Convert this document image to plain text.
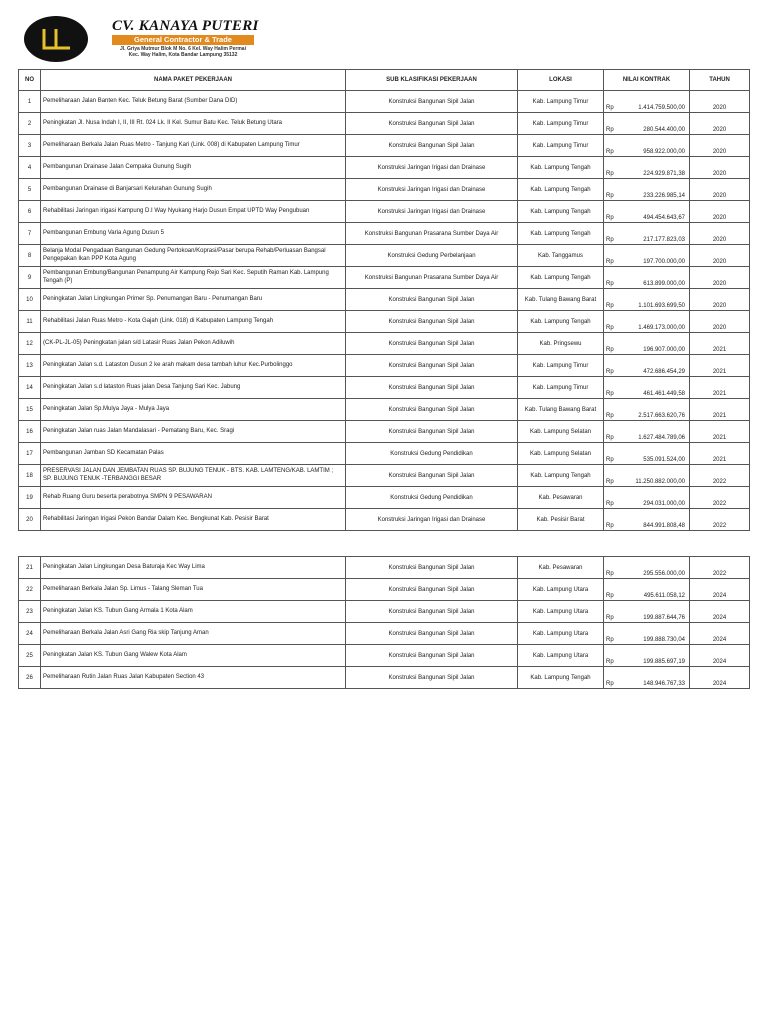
CV. KANAYA PUTERI
General Contractor & Trade
Jl. Griya Mutmur Blok M No. 6 Kel. Way Halim Permai
Kec. Way Halim, Kota Bandar Lampung 35132
NO	NAMA PAKET PEKERJAAN	SUB KLASIFIKASI PEKERJAAN	LOKASI	NILAI KONTRAK	TAHUN
1	Pemeliharaan Jalan Banten Kec. Teluk Betung Barat (Sumber Dana DID)	Konstruksi Bangunan Sipil Jalan	Kab. Lampung Timur	Rp 1.414.759.500,00	2020
2	Peningkatan Jl. Nusa Indah I, II, III Rt. 024 Lk. II Kel. Sumur Batu Kec. Teluk Betung Utara	Konstruksi Bangunan Sipil Jalan	Kab. Lampung Timur	Rp 280.544.400,00	2020
3	Pemeliharaan Berkala Jalan Ruas Metro - Tanjung Kari (Link. 008) di Kabupaten Lampung Timur	Konstruksi Bangunan Sipil Jalan	Kab. Lampung Timur	Rp 958.922.000,00	2020
4	Pembangunan Drainase Jalan Cempaka Gunung Sugih	Konstruksi Jaringan Irigasi dan Drainase	Kab. Lampung Tengah	Rp 224.929.871,38	2020
5	Pembangunan Drainase di Banjarsari Kelurahan Gunung Sugih	Konstruksi Jaringan Irigasi dan Drainase	Kab. Lampung Tengah	Rp 233.226.985,14	2020
6	Rehabilitasi Jaringan irigasi Kampung D.I Way Nyukang Harjo Dusun Empat UPTD Way Pengubuan	Konstruksi Jaringan Irigasi dan Drainase	Kab. Lampung Tengah	Rp 494.454.643,67	2020
7	Pembangunan Embung Varia Agung Dusun 5	Konstruksi Bangunan Prasarana Sumber Daya Air	Kab. Lampung Tengah	Rp 217.177.823,03	2020
8	Belanja Modal Pengadaan Bangunan Gedung Pertokoan/Koprasi/Pasar berupa Rehab/Perluasan Bangsal Pengepakan Ikan PPP Kota Agung	Konstruksi Gedung Perbelanjaan	Kab. Tanggamus	Rp 197.700.000,00	2020
9	Pembangunan Embung/Bangunan Penampung Air Kampung Rejo Sari Kec. Seputih Raman Kab. Lampung Tengah (P)	Konstruksi Bangunan Prasarana Sumber Daya Air	Kab. Lampung Tengah	Rp 613.899.000,00	2020
10	Peningkatan Jalan Lingkungan Primer Sp. Penumangan Baru - Penumangan Baru	Konstruksi Bangunan Sipil Jalan	Kab. Tulang Bawang Barat	Rp 1.101.693.699,50	2020
11	Rehabilitasi Jalan Ruas Metro - Kota Gajah (Link. 018) di Kabupaten Lampung Tengah	Konstruksi Bangunan Sipil Jalan	Kab. Lampung Tengah	Rp 1.469.173.000,00	2020
12	(CK-PL-JL-05) Peningkatan jalan s/d Latasir Ruas Jalan Pekon Adiluwih	Konstruksi Bangunan Sipil Jalan	Kab. Pringsewu	Rp 196.907.000,00	2021
13	Peningkatan Jalan s.d. Lataston Dusun 2 ke arah makam desa tambah luhur Kec.Purbolinggo	Konstruksi Bangunan Sipil Jalan	Kab. Lampung Timur	Rp 472.686.454,29	2021
14	Peningkatan Jalan s.d lataston Ruas jalan Desa Tanjung Sari Kec. Jabung	Konstruksi Bangunan Sipil Jalan	Kab. Lampung Timur	Rp 461.461.449,58	2021
15	Peningkatan Jalan Sp.Mulya Jaya - Mulya Jaya	Konstruksi Bangunan Sipil Jalan	Kab. Tulang Bawang Barat	Rp 2.517.663.620,76	2021
16	Peningkatan Jalan ruas Jalan Mandalasari - Pematang Baru, Kec. Sragi	Konstruksi Bangunan Sipil Jalan	Kab. Lampung Selatan	Rp 1.627.484.789,06	2021
17	Pembangunan Jamban SD Kecamatan Palas	Konstruksi Gedung Pendidikan	Kab. Lampung Selatan	Rp 535.091.524,00	2021
18	PRESERVASI JALAN DAN JEMBATAN RUAS SP. BUJUNG TENUK - BTS. KAB. LAMTENG/KAB. LAMTIM ; SP. BUJUNG TENUK -TERBANGGI BESAR	Konstruksi Bangunan Sipil Jalan	Kab. Lampung Tengah	Rp 11.250.882.000,00	2022
19	Rehab Ruang Guru beserta perabotnya SMPN 9 PESAWARAN	Konstruksi Gedung Pendidikan	Kab. Pesawaran	Rp 294.031.000,00	2022
20	Rehabilitasi Jaringan Irigasi Pekon Bandar Dalam Kec. Bengkunat Kab. Pesisir Barat	Konstruksi Jaringan Irigasi dan Drainase	Kab. Pesisir Barat	Rp 844.991.808,48	2022
21	Peningkatan Jalan Lingkungan Desa Baturaja Kec Way Lima	Konstruksi Bangunan Sipil Jalan	Kab. Pesawaran	Rp 295.556.000,00	2022
22	Pemeliharaan Berkala Jalan Sp. Limus - Talang Sleman Tua	Konstruksi Bangunan Sipil Jalan	Kab. Lampung Utara	Rp 495.611.058,12	2024
23	Peningkatan Jalan KS. Tubun Gang Armala 1 Kota Alam	Konstruksi Bangunan Sipil Jalan	Kab. Lampung Utara	Rp 199.887.644,76	2024
24	Pemeliharaan Berkala Jalan Asri Gang Ria skip Tanjung Aman	Konstruksi Bangunan Sipil Jalan	Kab. Lampung Utara	Rp 199.888.730,04	2024
25	Peningkatan Jalan KS. Tubun Gang Walew Kota Alam	Konstruksi Bangunan Sipil Jalan	Kab. Lampung Utara	Rp 199.885.697,19	2024
26	Pemeliharaan Rutin Jalan Ruas Jalan Kabupaten Section 43	Konstruksi Bangunan Sipil Jalan	Kab. Lampung Tengah	Rp 148.946.767,33	2024
